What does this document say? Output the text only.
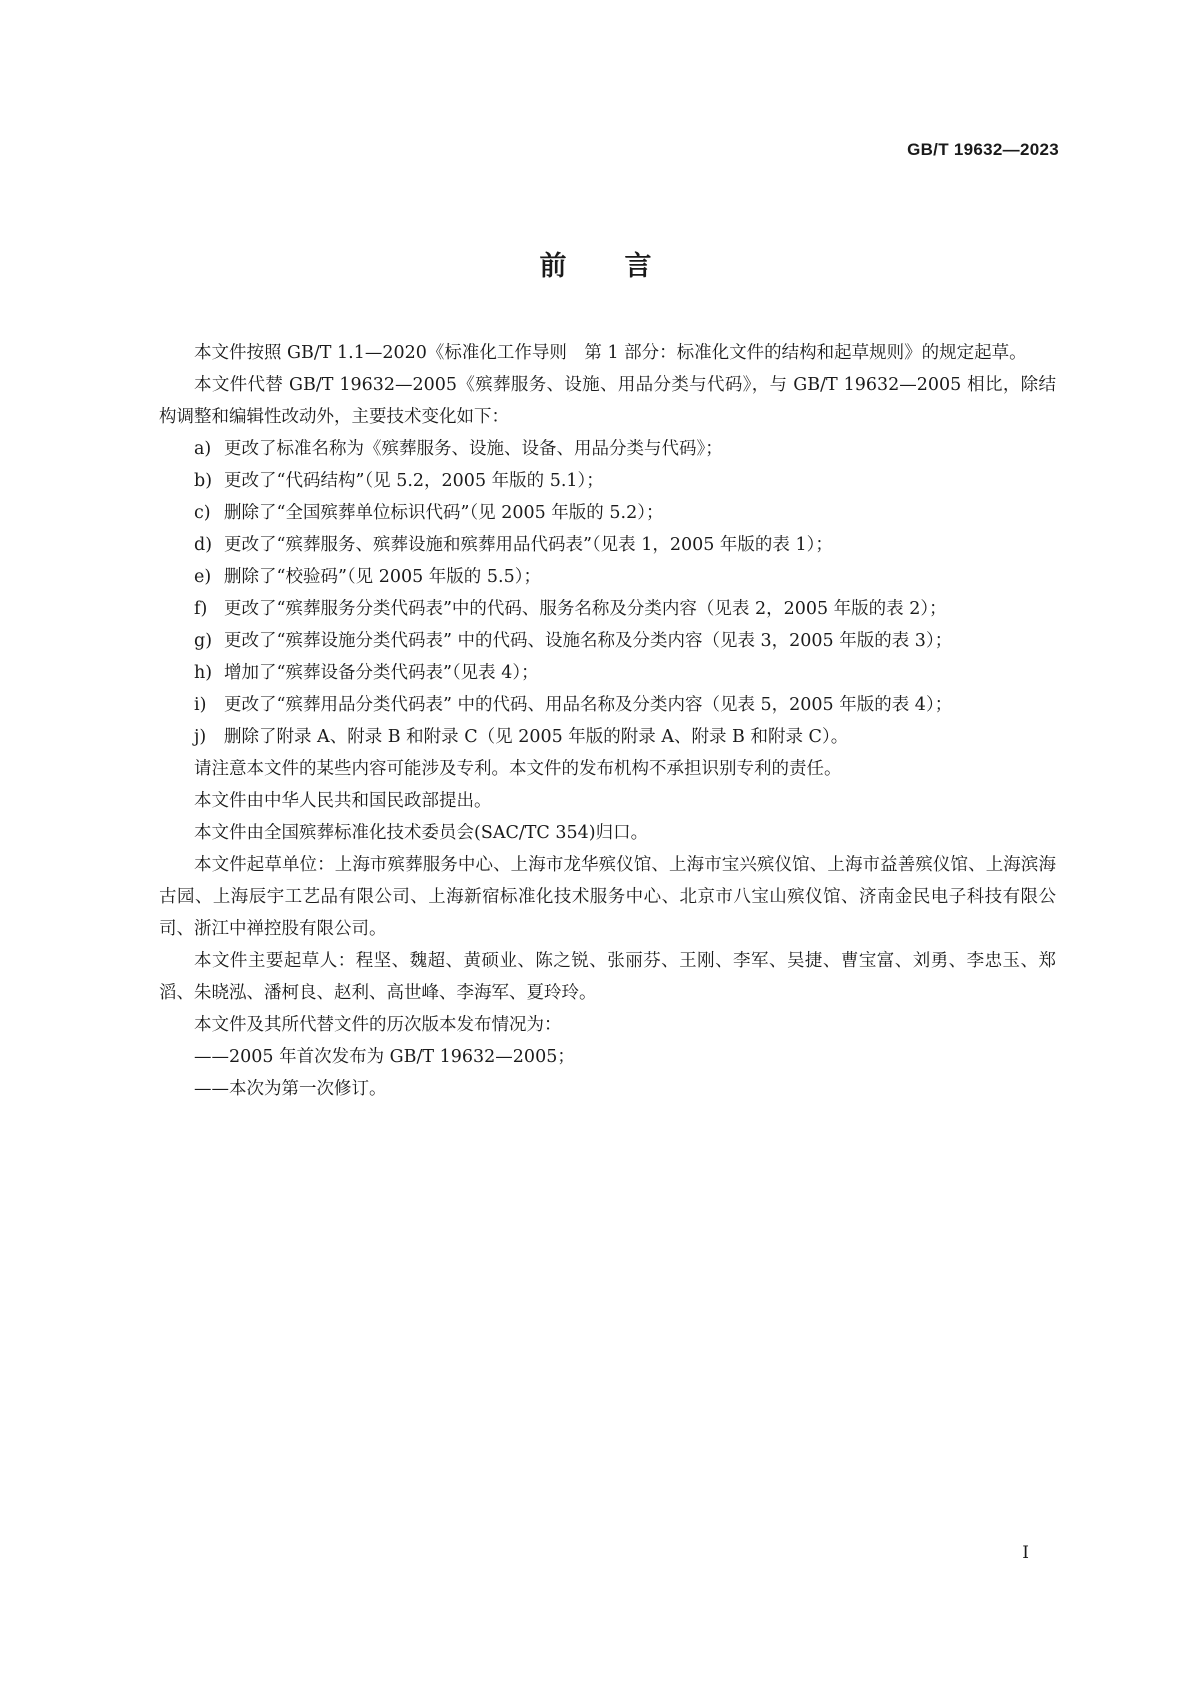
GB/T 19632—2023
前言

本文件按照 GB/T 1.1—2020《标准化工作导则　第 1 部分：标准化文件的结构和起草规则》的规定起草。

本文件代替 GB/T 19632—2005《殡葬服务、设施、用品分类与代码》，与 GB/T 19632—2005 相比，除结构调整和编辑性改动外，主要技术变化如下：

a) 更改了标准名称为《殡葬服务、设施、设备、用品分类与代码》；

b) 更改了“代码结构”（见 5.2，2005 年版的 5.1）；

c) 删除了“全国殡葬单位标识代码”（见 2005 年版的 5.2）；

d) 更改了“殡葬服务、殡葬设施和殡葬用品代码表”（见表 1，2005 年版的表 1）；

e) 删除了“校验码”（见 2005 年版的 5.5）；

f) 更改了“殡葬服务分类代码表”中的代码、服务名称及分类内容（见表 2，2005 年版的表 2）；

g) 更改了“殡葬设施分类代码表” 中的代码、设施名称及分类内容（见表 3，2005 年版的表 3）；

h) 增加了“殡葬设备分类代码表”（见表 4）；

i) 更改了“殡葬用品分类代码表” 中的代码、用品名称及分类内容（见表 5，2005 年版的表 4）；

j) 删除了附录 A、附录 B 和附录 C（见 2005 年版的附录 A、附录 B 和附录 C）。

请注意本文件的某些内容可能涉及专利。本文件的发布机构不承担识别专利的责任。

本文件由中华人民共和国民政部提出。

本文件由全国殡葬标准化技术委员会(SAC/TC 354)归口。

本文件起草单位：上海市殡葬服务中心、上海市龙华殡仪馆、上海市宝兴殡仪馆、上海市益善殡仪馆、上海滨海古园、上海辰宇工艺品有限公司、上海新宿标准化技术服务中心、北京市八宝山殡仪馆、济南金民电子科技有限公司、浙江中禅控股有限公司。

本文件主要起草人：程坚、魏超、黄硕业、陈之锐、张丽芬、王刚、李军、吴捷、曹宝富、刘勇、李忠玉、郑滔、朱晓泓、潘柯良、赵利、高世峰、李海军、夏玲玲。

本文件及其所代替文件的历次版本发布情况为：

——2005 年首次发布为 GB/T 19632—2005；

——本次为第一次修订。

I
